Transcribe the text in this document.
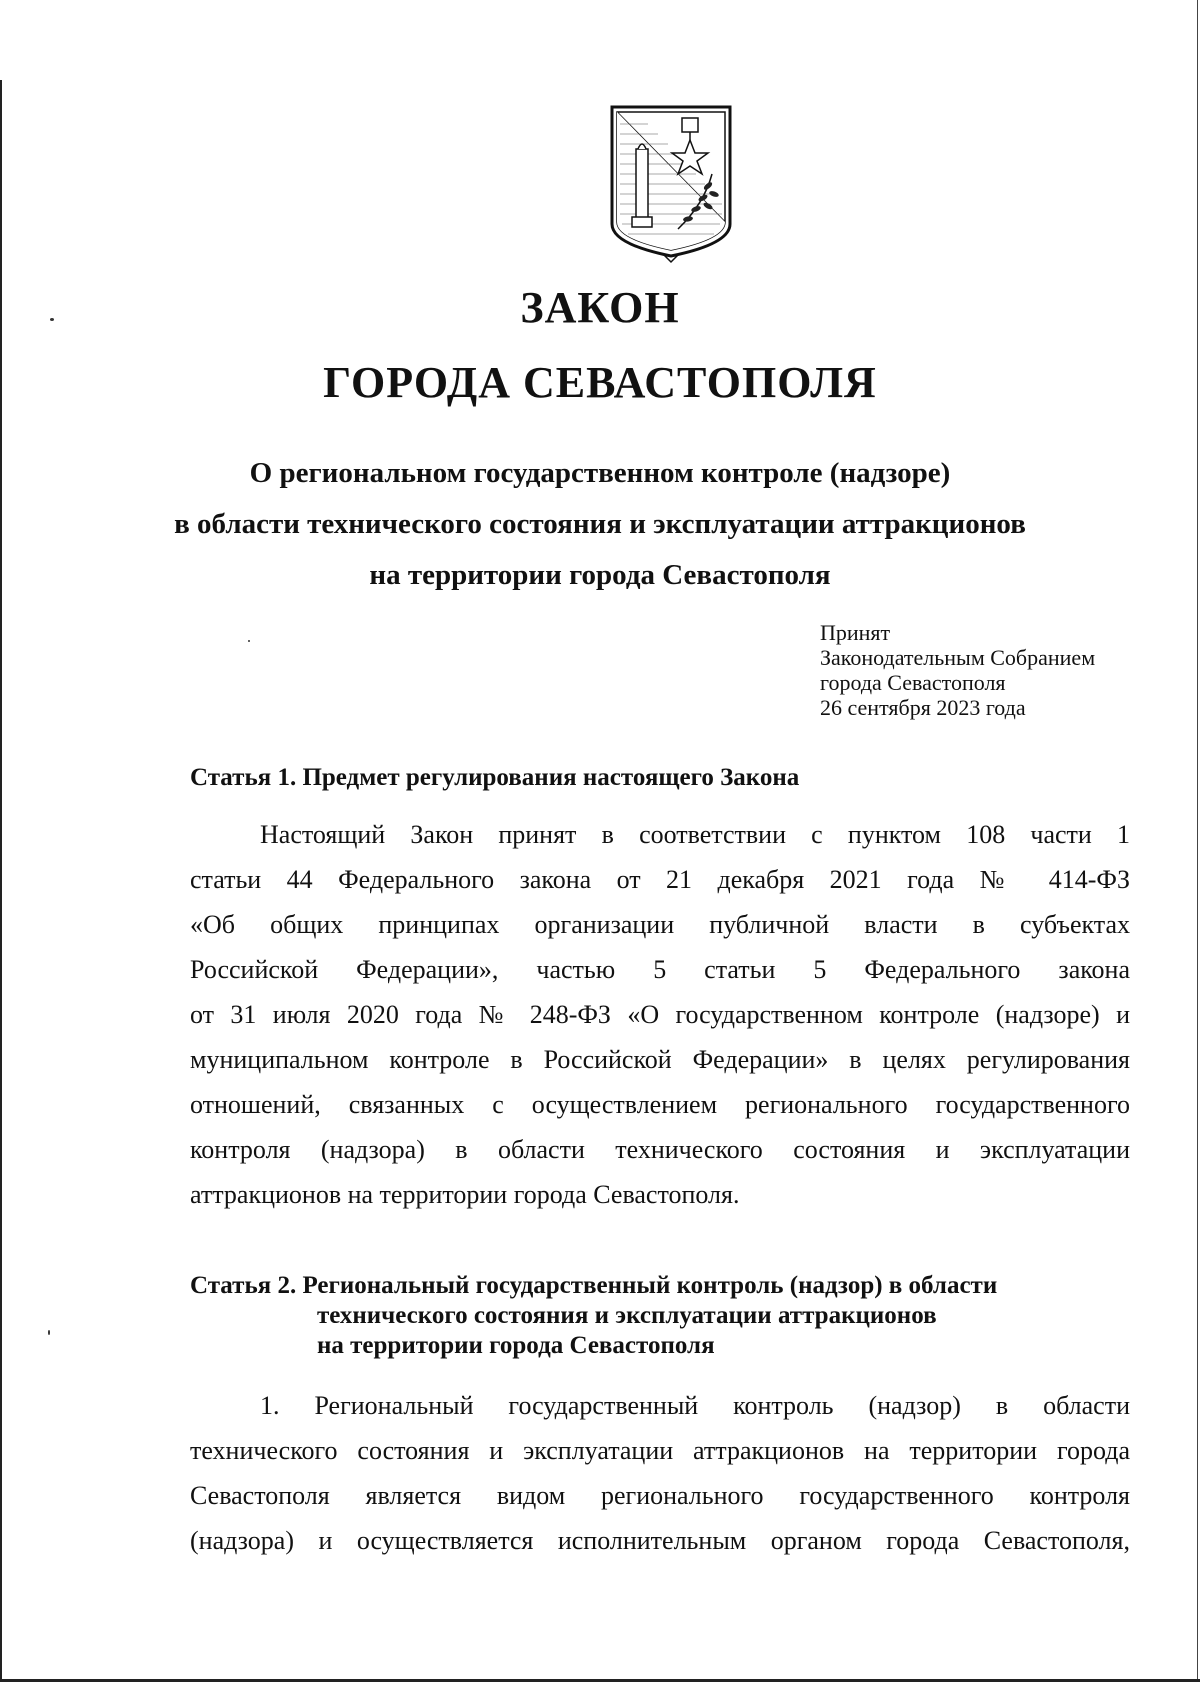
ЗАКОН
ГОРОДА СЕВАСТОПОЛЯ
О региональном государственном контроле (надзоре)
в области технического состояния и эксплуатации аттракционов
на территории города Севастополя
Принят
Законодательным Собранием
города Севастополя
26 сентября 2023 года
Статья 1. Предмет регулирования настоящего Закона

Настоящий Закон принят в соответствии с пунктом 108 части 1
статьи 44 Федерального закона от 21 декабря 2021 года № 414-ФЗ
«Об общих принципах организации публичной власти в субъектах
Российской Федерации», частью 5 статьи 5 Федерального закона
от 31 июля 2020 года № 248-ФЗ «О государственном контроле (надзоре) и
муниципальном контроле в Российской Федерации» в целях регулирования
отношений, связанных с осуществлением регионального государственного
контроля (надзора) в области технического состояния и эксплуатации
аттракционов на территории города Севастополя.

Статья 2. Региональный государственный контроль (надзор) в области
технического состояния и эксплуатации аттракционов
на территории города Севастополя

1. Региональный государственный контроль (надзор) в области
технического состояния и эксплуатации аттракционов на территории города
Севастополя является видом регионального государственного контроля
(надзора) и осуществляется исполнительным органом города Севастополя,
